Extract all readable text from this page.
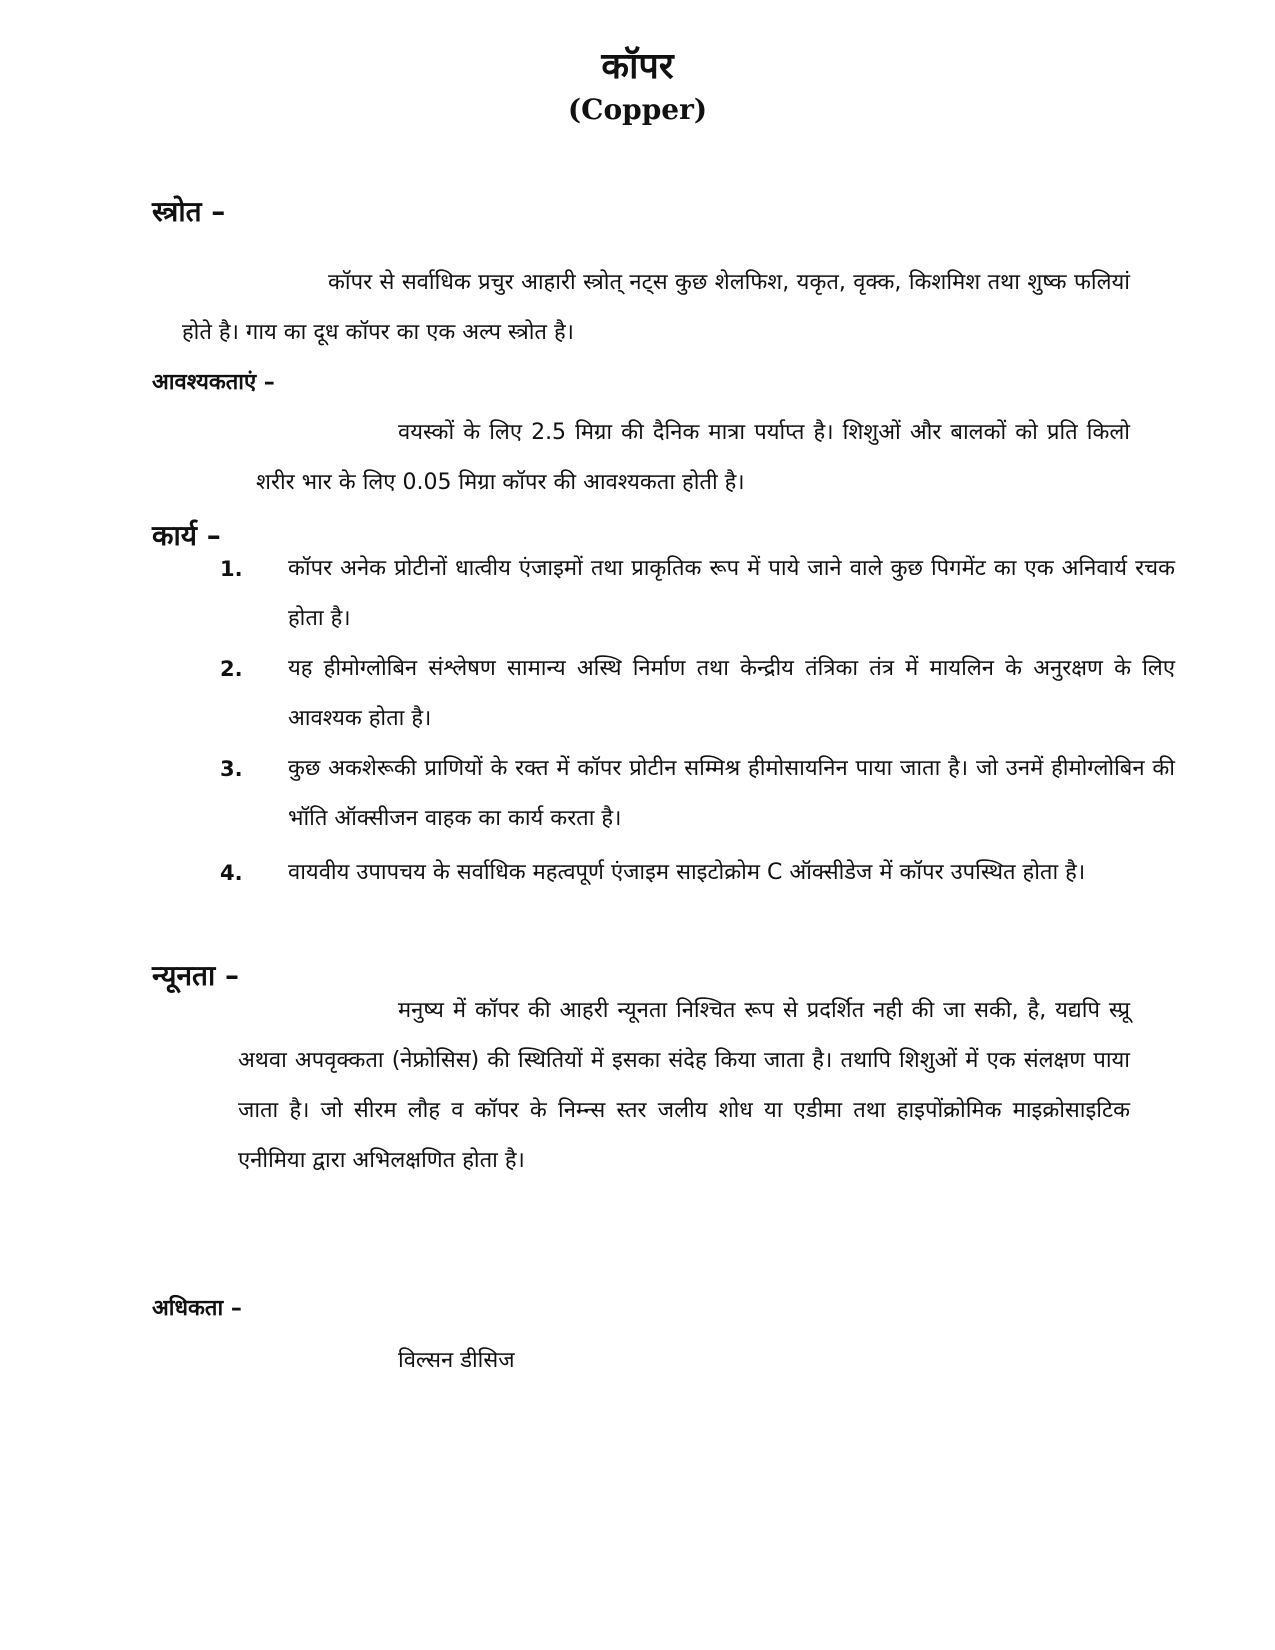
कॉपर
(Copper)
स्त्रोत –
कॉपर से सर्वाधिक प्रचुर आहारी स्त्रोत् नट्स कुछ शेलफिश, यकृत, वृक्क, किशमिश तथा शुष्क फलियां होते है। गाय का दूध कॉपर का एक अल्प स्त्रोत है।
आवश्यकताएं –
वयस्कों के लिए 2.5 मिग्रा की दैनिक मात्रा पर्याप्त है। शिशुओं और बालकों को प्रति किलो शरीर भार के लिए 0.05 मिग्रा कॉपर की आवश्यकता होती है।
कार्य –
1. कॉपर अनेक प्रोटीनों धात्वीय एंजाइमों तथा प्राकृतिक रूप में पाये जाने वाले कुछ पिगमेंट का एक अनिवार्य रचक होता है।
2. यह हीमोग्लोबिन संश्लेषण सामान्य अस्थि निर्माण तथा केन्द्रीय तंत्रिका तंत्र में मायलिन के अनुरक्षण के लिए आवश्यक होता है।
3. कुछ अकशेरूकी प्राणियों के रक्त में कॉपर प्रोटीन सम्मिश्र हीमोसायनिन पाया जाता है। जो उनमें हीमोग्लोबिन की भॉति ऑक्सीजन वाहक का कार्य करता है।
4. वायवीय उपापचय के सर्वाधिक महत्वपूर्ण एंजाइम साइटोक्रोम C ऑक्सीडेज में कॉपर उपस्थित होता है।
न्यूनता –
मनुष्य में कॉपर की आहरी न्यूनता निश्चित रूप से प्रदर्शित नही की जा सकी, है, यद्यपि स्प्रू अथवा अपवृक्कता (नेफ्रोसिस) की स्थितियों में इसका संदेह किया जाता है। तथापि शिशुओं में एक संलक्षण पाया जाता है। जो सीरम लौह व कॉपर के निम्न्स स्तर जलीय शोध या एडीमा तथा हाइपोंक्रोमिक माइक्रोसाइटिक एनीमिया द्वारा अभिलक्षणित होता है।
अधिकता –
विल्सन डीसिज
